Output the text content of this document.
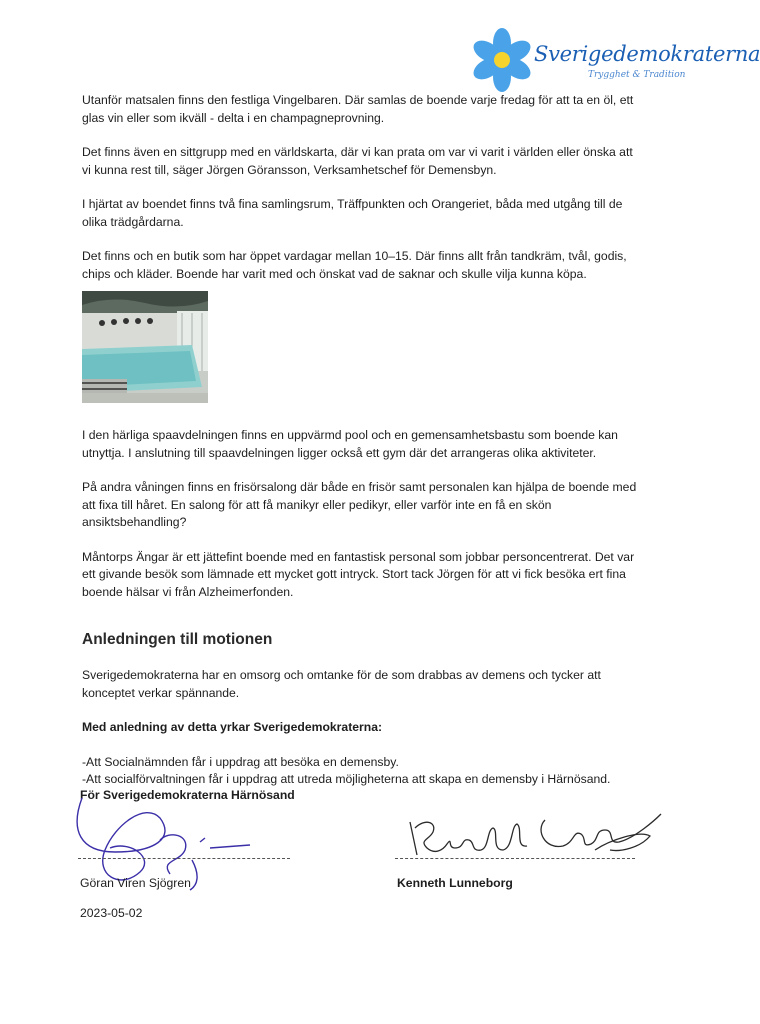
Sverigedemokraterna
Trygghet & Tradition

Utanför matsalen finns den festliga Vingelbaren. Där samlas de boende varje fredag för att ta en öl, ett glas vin eller som ikväll - delta i en champagneprovning.

Det finns även en sittgrupp med en världskarta, där vi kan prata om var vi varit i världen eller önska att vi kunna rest till, säger Jörgen Göransson, Verksamhetschef för Demensbyn.

I hjärtat av boendet finns två fina samlingsrum, Träffpunkten och Orangeriet, båda med utgång till de olika trädgårdarna.

Det finns och en butik som har öppet vardagar mellan 10–15. Där finns allt från tandkräm, tvål, godis, chips och kläder. Boende har varit med och önskat vad de saknar och skulle vilja kunna köpa.

I den härliga spaavdelningen finns en uppvärmd pool och en gemensamhetsbastu som boende kan utnyttja. I anslutning till spaavdelningen ligger också ett gym där det arrangeras olika aktiviteter.

På andra våningen finns en frisörsalong där både en frisör samt personalen kan hjälpa de boende med att fixa till håret. En salong för att få manikyr eller pedikyr, eller varför inte en få en skön ansiktsbehandling?

Måntorps Ängar är ett jättefint boende med en fantastisk personal som jobbar personcentrerat. Det var ett givande besök som lämnade ett mycket gott intryck. Stort tack Jörgen för att vi fick besöka ert fina boende hälsar vi från Alzheimerfonden.

Anledningen till motionen

Sverigedemokraterna har en omsorg och omtanke för de som drabbas av demens och tycker att konceptet verkar spännande.

Med anledning av detta yrkar Sverigedemokraterna:

-Att Socialnämnden får i uppdrag att besöka en demensby.

-Att socialförvaltningen får i uppdrag att utreda möjligheterna att skapa en demensby i Härnösand.

För Sverigedemokraterna Härnösand
Göran Viren Sjögren	Kenneth Lunneborg
2023-05-02
